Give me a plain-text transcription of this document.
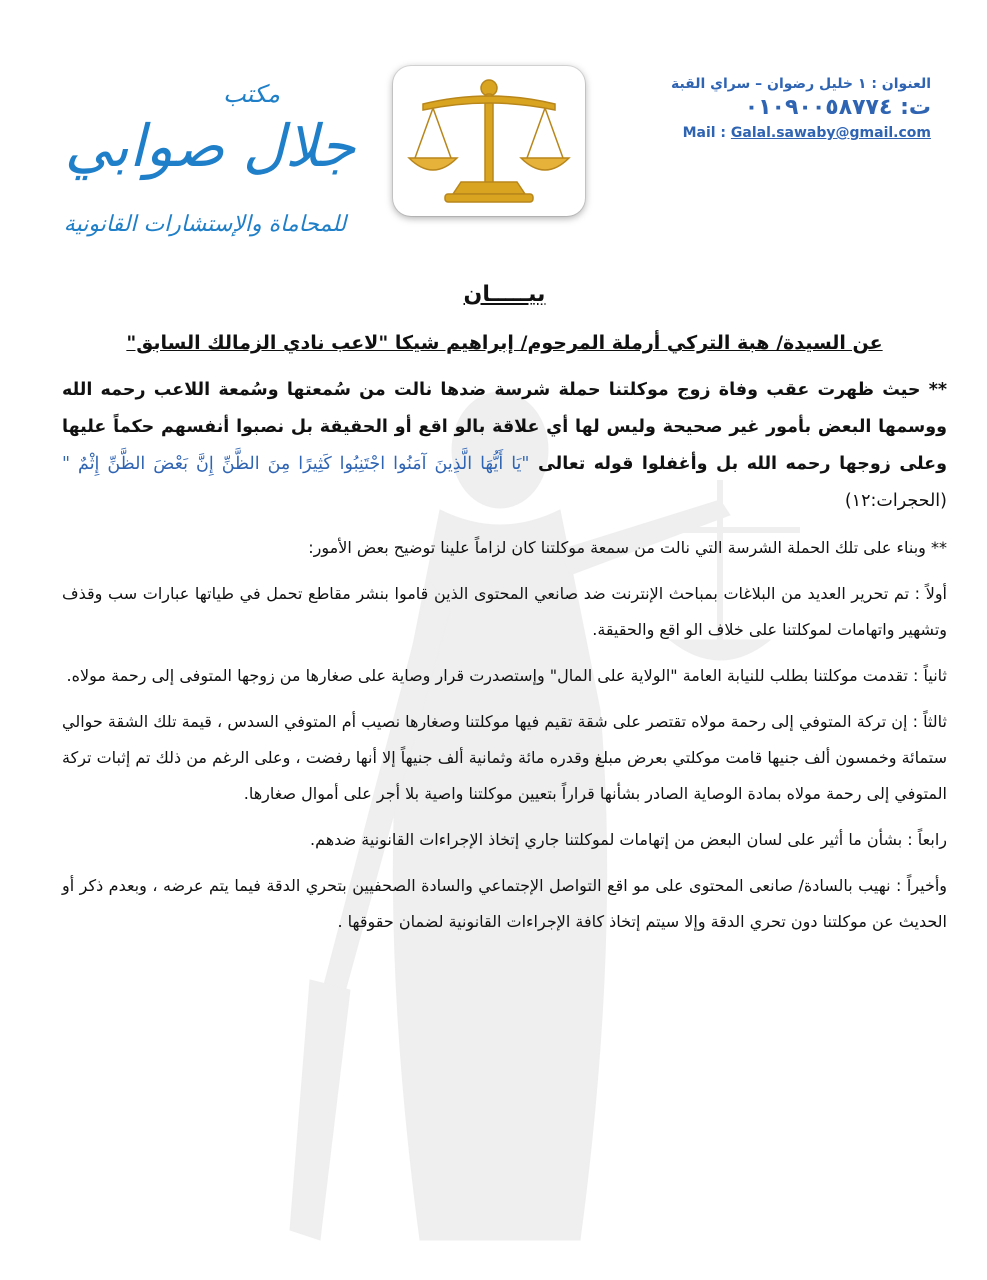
العنوان : ١ خليل رضوان – سراي القبة
ت: ٠١٠٩٠٠٥٨٧٧٤
Mail : Galal.sawaby@gmail.com
مكتب
جلال صوابي
للمحاماة والإستشارات القانونية
بيـــــان
عن السيدة/ هبة التركي أرملة المرحوم/ إبراهيم شيكا "لاعب نادي الزمالك السابق"

** حيث ظهرت عقب وفاة زوج موكلتنا حملة شرسة ضدها نالت من سُمعتها وسُمعة اللاعب رحمه الله ووسمها البعض بأمور غير صحيحة وليس لها أي علاقة بالو اقع أو الحقيقة بل نصبوا أنفسهم حكماً عليها وعلى زوجها رحمه الله بل وأغفلوا قوله تعالى "يَا أَيُّهَا الَّذِينَ آمَنُوا اجْتَنِبُوا كَثِيرًا مِنَ الظَّنِّ إِنَّ بَعْضَ الظَّنِّ إِثْمٌ " (الحجرات:١٢)

** وبناء على تلك الحملة الشرسة التي نالت من سمعة موكلتنا كان لزاماً علينا توضيح بعض الأمور:

أولاً : تم تحرير العديد من البلاغات بمباحث الإنترنت ضد صانعي المحتوى الذين قاموا بنشر مقاطع تحمل في طياتها عبارات سب وقذف وتشهير واتهامات لموكلتنا على خلاف الو اقع والحقيقة.

ثانياً : تقدمت موكلتنا بطلب للنيابة العامة "الولاية على المال" وإستصدرت قرار وصاية على صغارها من زوجها المتوفى إلى رحمة مولاه.

ثالثاً : إن تركة المتوفي إلى رحمة مولاه تقتصر على شقة تقيم فيها موكلتنا وصغارها نصيب أم المتوفي السدس ، قيمة تلك الشقة حوالي ستمائة وخمسون ألف جنيها قامت موكلتي بعرض مبلغ وقدره مائة وثمانية ألف جنيهاً إلا أنها رفضت ، وعلى الرغم من ذلك تم إثبات تركة المتوفي إلى رحمة مولاه بمادة الوصاية الصادر بشأنها قراراً بتعيين موكلتنا واصية بلا أجر على أموال صغارها.

رابعاً : بشأن ما أثير على لسان البعض من إتهامات لموكلتنا جاري إتخاذ الإجراءات القانونية ضدهم.

وأخيراً : نهيب بالسادة/ صانعى المحتوى على مو اقع التواصل الإجتماعي والسادة الصحفيين بتحري الدقة فيما يتم عرضه ، وبعدم ذكر أو الحديث عن موكلتنا دون تحري الدقة وإلا سيتم إتخاذ كافة الإجراءات القانونية لضمان حقوقها .
